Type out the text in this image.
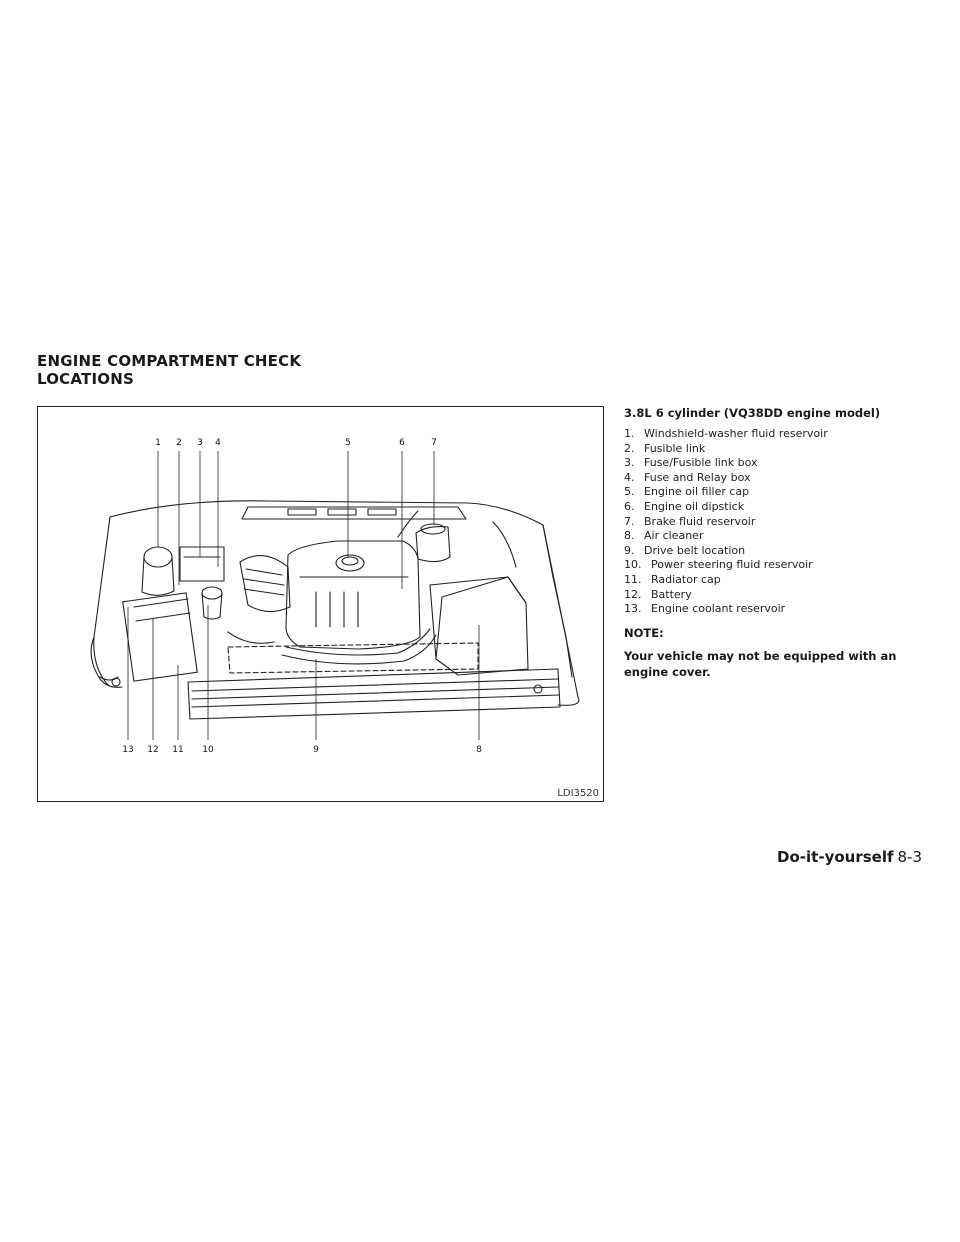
ENGINE COMPARTMENT CHECK
LOCATIONS
1 2 3 4	5	6	7
13 12 11 10	9	8
LDI3520

3.8L 6 cylinder (VQ38DD engine model)

1.
Windshield-washer fluid reservoir
2.
Fusible link
3.
Fuse/Fusible link box
4.
Fuse and Relay box
5.
Engine oil filler cap
6.
Engine oil dipstick
7.
Brake fluid reservoir
8.
Air cleaner
9.
Drive belt location
10.
Power steering fluid reservoir
11.
Radiator cap
12.
Battery
13.
Engine coolant reservoir

NOTE:

Your vehicle may not be equipped with an engine cover.

Do-it-yourself 8-3
